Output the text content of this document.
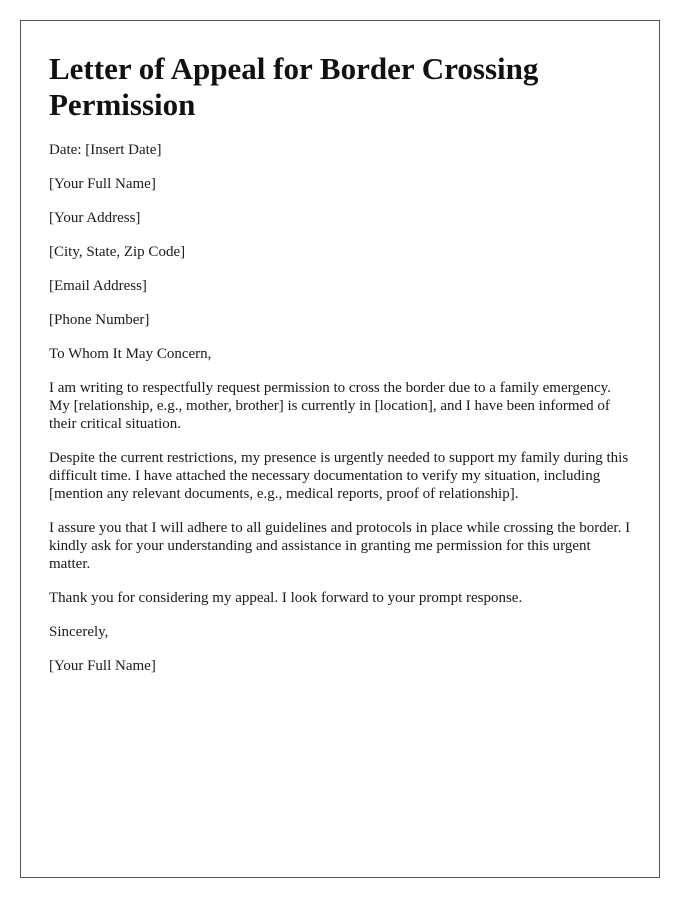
Letter of Appeal for Border Crossing Permission
Date: [Insert Date]
[Your Full Name]
[Your Address]
[City, State, Zip Code]
[Email Address]
[Phone Number]
To Whom It May Concern,

I am writing to respectfully request permission to cross the border due to a family emergency. My [relationship, e.g., mother, brother] is currently in [location], and I have been informed of their critical situation.

Despite the current restrictions, my presence is urgently needed to support my family during this difficult time. I have attached the necessary documentation to verify my situation, including [mention any relevant documents, e.g., medical reports, proof of relationship].

I assure you that I will adhere to all guidelines and protocols in place while crossing the border. I kindly ask for your understanding and assistance in granting me permission for this urgent matter.

Thank you for considering my appeal. I look forward to your prompt response.

Sincerely,
[Your Full Name]
